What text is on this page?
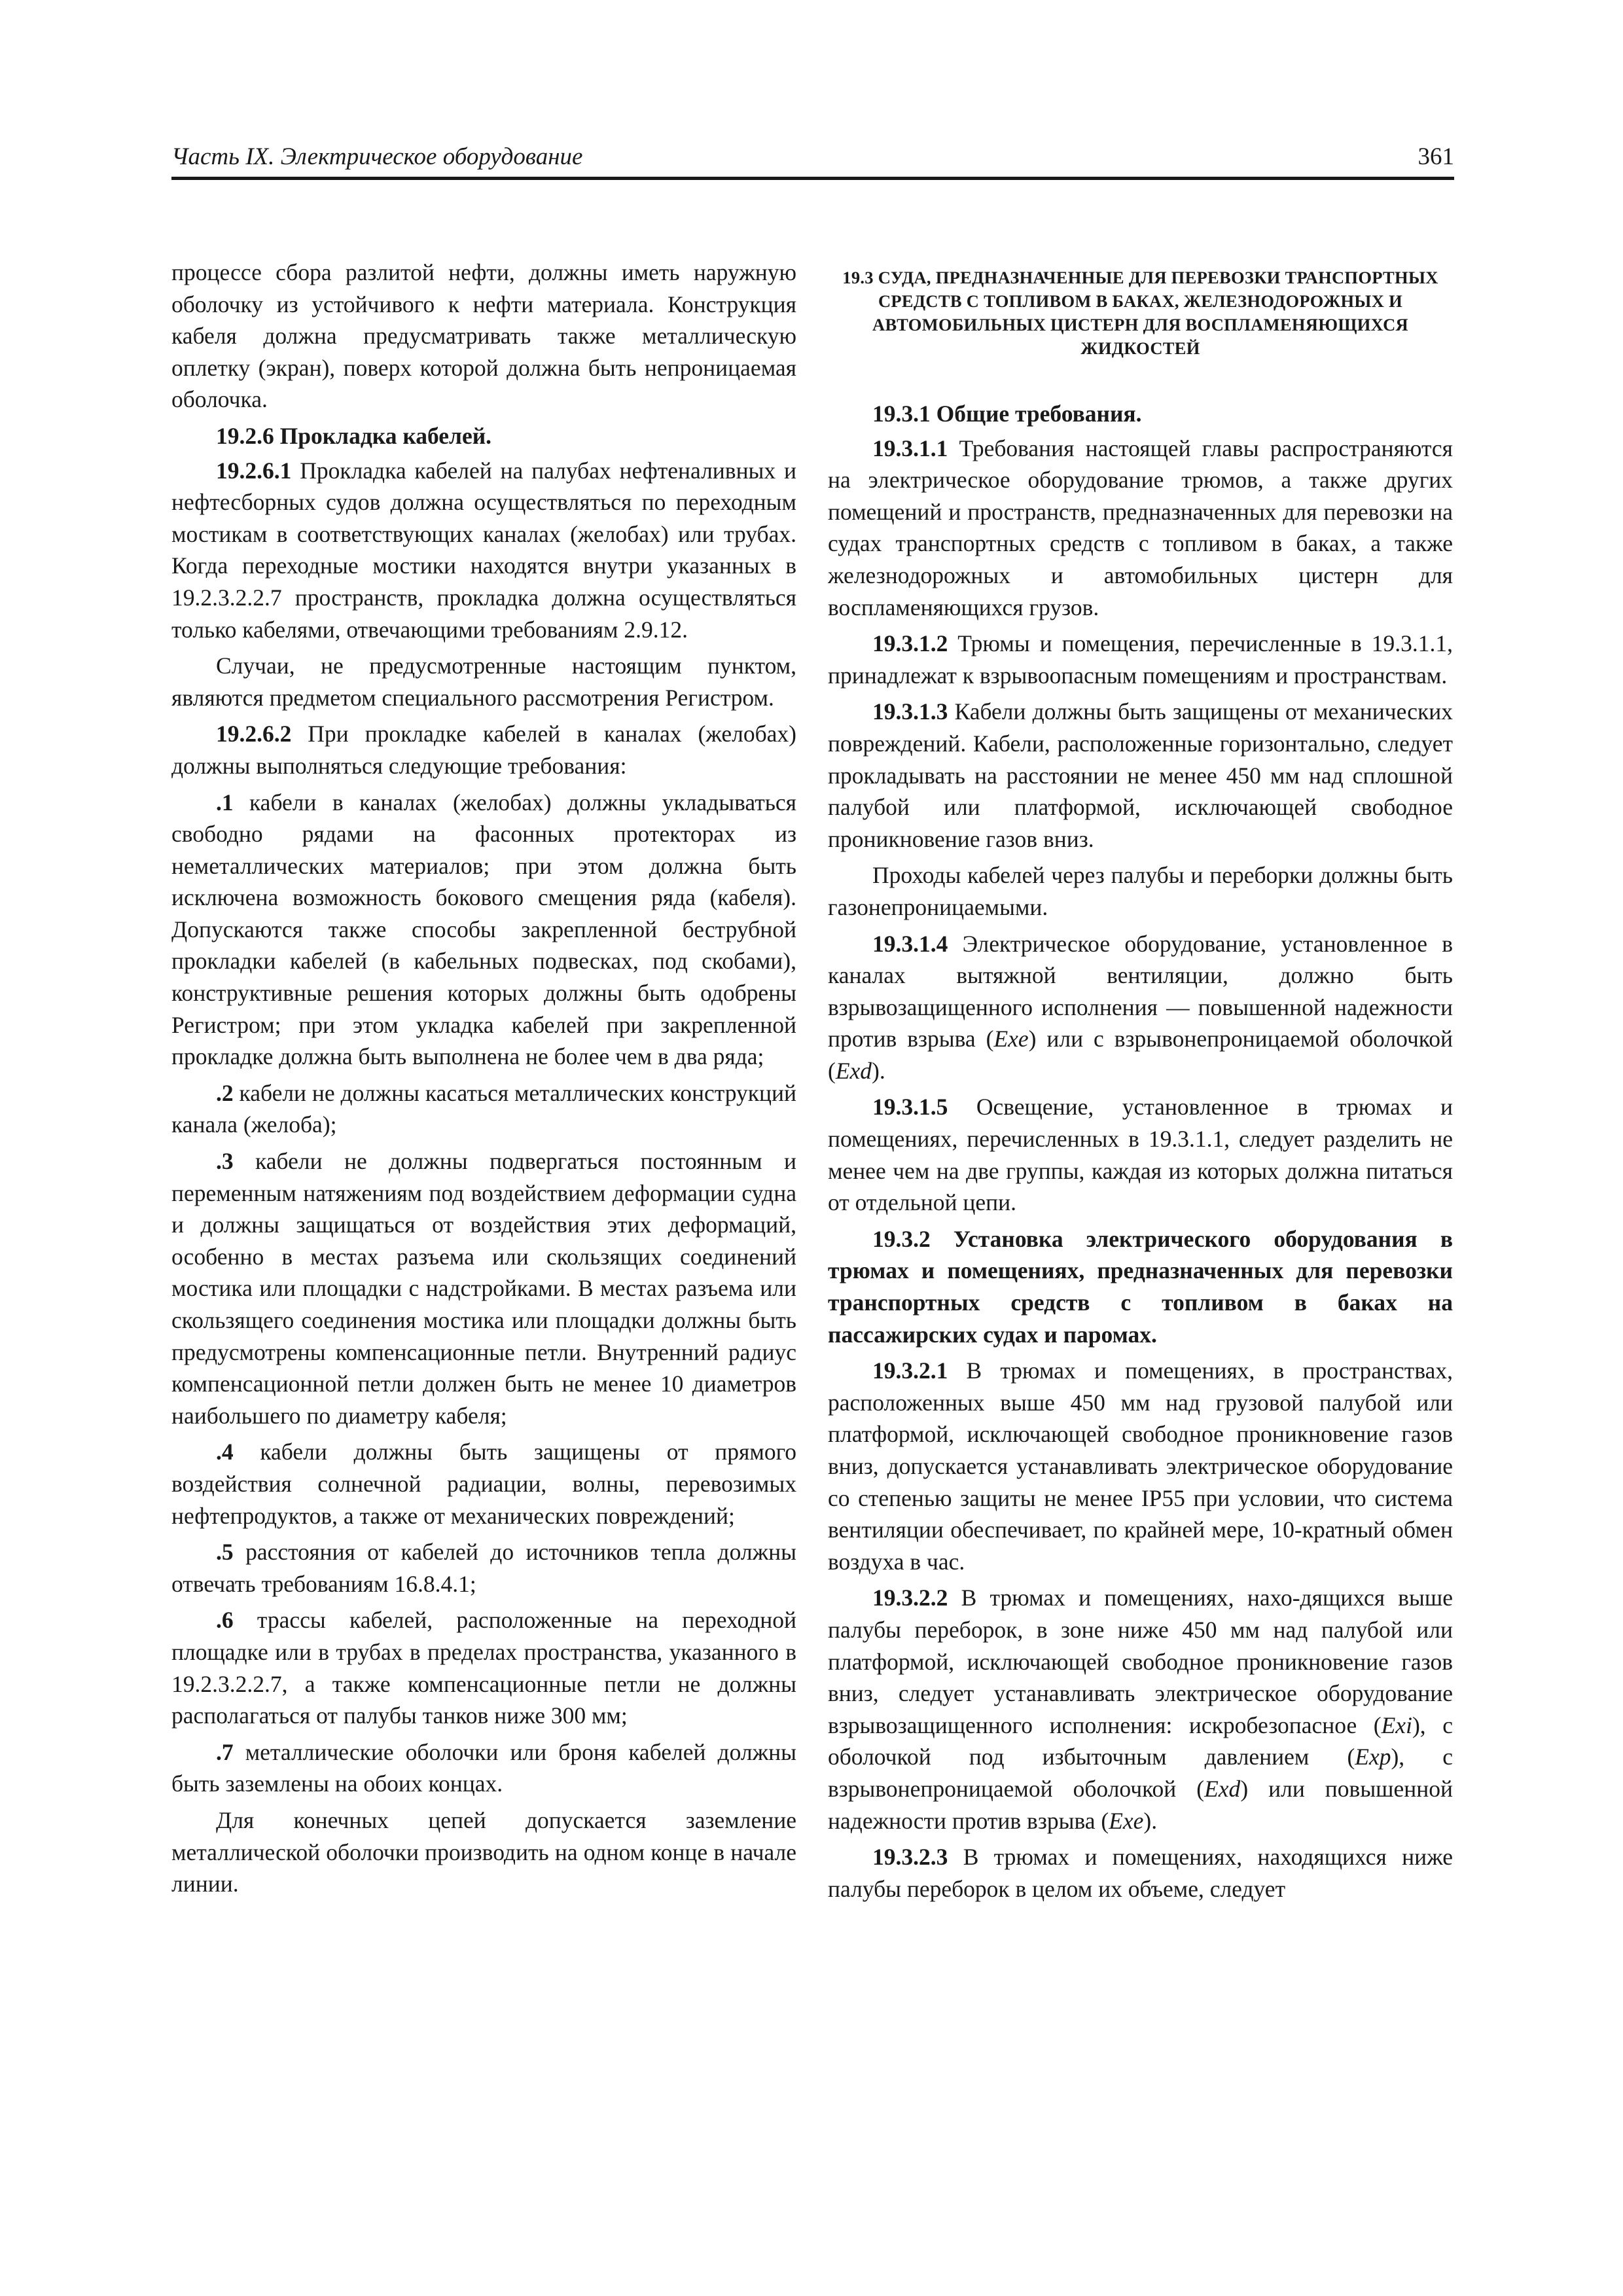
Часть IX. Электрическое оборудование	361

процессе сбора разлитой нефти, должны иметь наружную оболочку из устойчивого к нефти материала. Конструкция кабеля должна предусматривать также металлическую оплетку (экран), поверх которой должна быть непроницаемая оболочка.

19.2.6 Прокладка кабелей.

19.2.6.1 Прокладка кабелей на палубах нефтеналивных и нефтесборных судов должна осуществляться по переходным мостикам в соответствующих каналах (желобах) или трубах. Когда переходные мостики находятся внутри указанных в 19.2.3.2.2.7 пространств, прокладка должна осуществляться только кабелями, отвечающими требованиям 2.9.12.

Случаи, не предусмотренные настоящим пунктом, являются предметом специального рассмотрения Регистром.

19.2.6.2 При прокладке кабелей в каналах (желобах) должны выполняться следующие требования:

.1 кабели в каналах (желобах) должны укладываться свободно рядами на фасонных протекторах из неметаллических материалов; при этом должна быть исключена возможность бокового смещения ряда (кабеля). Допускаются также способы закрепленной беструбной прокладки кабелей (в кабельных подвесках, под скобами), конструктивные решения которых должны быть одобрены Регистром; при этом укладка кабелей при закрепленной прокладке должна быть выполнена не более чем в два ряда;

.2 кабели не должны касаться металлических конструкций канала (желоба);

.3 кабели не должны подвергаться постоянным и переменным натяжениям под воздействием деформации судна и должны защищаться от воздействия этих деформаций, особенно в местах разъема или скользящих соединений мостика или площадки с надстройками. В местах разъема или скользящего соединения мостика или площадки должны быть предусмотрены компенсационные петли. Внутренний радиус компенсационной петли должен быть не менее 10 диаметров наибольшего по диаметру кабеля;

.4 кабели должны быть защищены от прямого воздействия солнечной радиации, волны, перевозимых нефтепродуктов, а также от механических повреждений;

.5 расстояния от кабелей до источников тепла должны отвечать требованиям 16.8.4.1;

.6 трассы кабелей, расположенные на переходной площадке или в трубах в пределах пространства, указанного в 19.2.3.2.2.7, а также компенсационные петли не должны располагаться от палубы танков ниже 300 мм;

.7 металлические оболочки или броня кабелей должны быть заземлены на обоих концах.

Для конечных цепей допускается заземление металлической оболочки производить на одном конце в начале линии.

19.3 СУДА, ПРЕДНАЗНАЧЕННЫЕ ДЛЯ ПЕРЕВОЗКИ ТРАНСПОРТНЫХ СРЕДСТВ С ТОПЛИВОМ В БАКАХ, ЖЕЛЕЗНОДОРОЖНЫХ И АВТОМОБИЛЬНЫХ ЦИСТЕРН ДЛЯ ВОСПЛАМЕНЯЮЩИХСЯ ЖИДКОСТЕЙ

19.3.1 Общие требования.

19.3.1.1 Требования настоящей главы распространяются на электрическое оборудование трюмов, а также других помещений и пространств, предназначенных для перевозки на судах транспортных средств с топливом в баках, а также железнодорожных и автомобильных цистерн для воспламеняющихся грузов.

19.3.1.2 Трюмы и помещения, перечисленные в 19.3.1.1, принадлежат к взрывоопасным помещениям и пространствам.

19.3.1.3 Кабели должны быть защищены от механических повреждений. Кабели, расположенные горизонтально, следует прокладывать на расстоянии не менее 450 мм над сплошной палубой или платформой, исключающей свободное проникновение газов вниз.

Проходы кабелей через палубы и переборки должны быть газонепроницаемыми.

19.3.1.4 Электрическое оборудование, установленное в каналах вытяжной вентиляции, должно быть взрывозащищенного исполнения — повышенной надежности против взрыва (Exe) или с взрывонепроницаемой оболочкой (Exd).

19.3.1.5 Освещение, установленное в трюмах и помещениях, перечисленных в 19.3.1.1, следует разделить не менее чем на две группы, каждая из которых должна питаться от отдельной цепи.

19.3.2 Установка электрического оборудования в трюмах и помещениях, предназначенных для перевозки транспортных средств с топливом в баках на пассажирских судах и паромах.

19.3.2.1 В трюмах и помещениях, в пространствах, расположенных выше 450 мм над грузовой палубой или платформой, исключающей свободное проникновение газов вниз, допускается устанавливать электрическое оборудование со степенью защиты не менее IP55 при условии, что система вентиляции обеспечивает, по крайней мере, 10-кратный обмен воздуха в час.

19.3.2.2 В трюмах и помещениях, нахо-дящихся выше палубы переборок, в зоне ниже 450 мм над палубой или платформой, исключающей свободное проникновение газов вниз, следует устанавливать электрическое оборудование взрывозащищенного исполнения: искробезопасное (Exi), с оболочкой под избыточным давлением (Exp), с взрывонепроницаемой оболочкой (Exd) или повышенной надежности против взрыва (Exe).

19.3.2.3 В трюмах и помещениях, находящихся ниже палубы переборок в целом их объеме, следует
